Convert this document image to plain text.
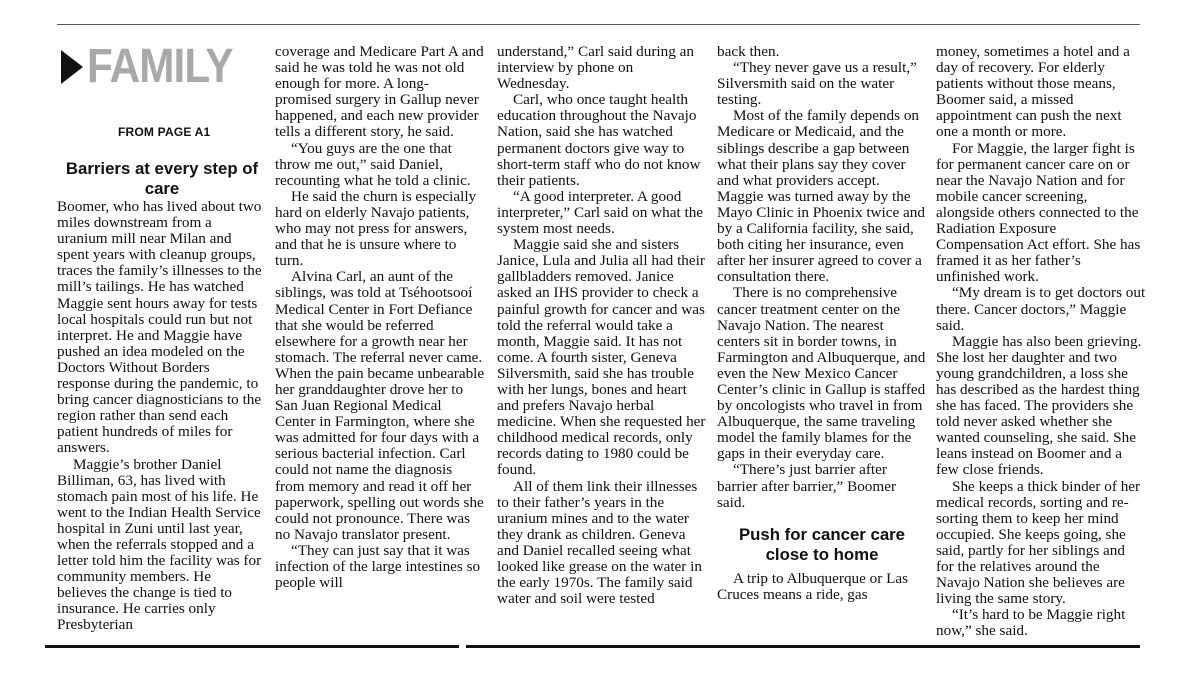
FAMILY
FROM PAGE A1
Barriers at every step of care

Boomer, who has lived about two miles downstream from a uranium mill near Milan and spent years with cleanup groups, traces the family’s illnesses to the mill’s tailings. He has watched Maggie sent hours away for tests local hospitals could run but not interpret. He and Maggie have pushed an idea modeled on the Doctors Without Borders response during the pandemic, to bring cancer diagnosticians to the region rather than send each patient hundreds of miles for answers.

Maggie’s brother Daniel Billiman, 63, has lived with stomach pain most of his life. He went to the Indian Health Service hospital in Zuni until last year, when the referrals stopped and a letter told him the facility was for community members. He believes the change is tied to insurance. He carries only Presbyterian

coverage and Medicare Part A and said he was told he was not old enough for more. A long-promised surgery in Gallup never happened, and each new provider tells a different story, he said.

“You guys are the one that throw me out,” said Daniel, recounting what he told a clinic.

He said the churn is especially hard on elderly Navajo patients, who may not press for answers, and that he is unsure where to turn.

Alvina Carl, an aunt of the siblings, was told at Tséhootsooí Medical Center in Fort Defiance that she would be referred elsewhere for a growth near her stomach. The referral never came. When the pain became unbearable her granddaughter drove her to San Juan Regional Medical Center in Farmington, where she was admitted for four days with a serious bacterial infection. Carl could not name the diagnosis from memory and read it off her paperwork, spelling out words she could not pronounce. There was no Navajo translator present.

“They can just say that it was infection of the large intestines so people will

understand,” Carl said during an interview by phone on Wednesday.

Carl, who once taught health education throughout the Navajo Nation, said she has watched permanent doctors give way to short-term staff who do not know their patients.

“A good interpreter. A good interpreter,” Carl said on what the system most needs.

Maggie said she and sisters Janice, Lula and Julia all had their gallbladders removed. Janice asked an IHS provider to check a painful growth for cancer and was told the referral would take a month, Maggie said. It has not come. A fourth sister, Geneva Silversmith, said she has trouble with her lungs, bones and heart and prefers Navajo herbal medicine. When she requested her childhood medical records, only records dating to 1980 could be found.

All of them link their illnesses to their father’s years in the uranium mines and to the water they drank as children. Geneva and Daniel recalled seeing what looked like grease on the water in the early 1970s. The family said water and soil were tested

back then.

“They never gave us a result,” Silversmith said on the water testing.

Most of the family depends on Medicare or Medicaid, and the siblings describe a gap between what their plans say they cover and what providers accept. Maggie was turned away by the Mayo Clinic in Phoenix twice and by a California facility, she said, both citing her insurance, even after her insurer agreed to cover a consultation there.

There is no comprehensive cancer treatment center on the Navajo Nation. The nearest centers sit in border towns, in Farmington and Albuquerque, and even the New Mexico Cancer Center’s clinic in Gallup is staffed by oncologists who travel in from Albuquerque, the same traveling model the family blames for the gaps in their everyday care.

“There’s just barrier after barrier after barrier,” Boomer said.

Push for cancer care close to home

A trip to Albuquerque or Las Cruces means a ride, gas

money, sometimes a hotel and a day of recovery. For elderly patients without those means, Boomer said, a missed appointment can push the next one a month or more.

For Maggie, the larger fight is for permanent cancer care on or near the Navajo Nation and for mobile cancer screening, alongside others connected to the Radiation Exposure Compensation Act effort. She has framed it as her father’s unfinished work.

“My dream is to get doctors out there. Cancer doctors,” Maggie said.

Maggie has also been grieving. She lost her daughter and two young grandchildren, a loss she has described as the hardest thing she has faced. The providers she told never asked whether she wanted counseling, she said. She leans instead on Boomer and a few close friends.

She keeps a thick binder of her medical records, sorting and re-sorting them to keep her mind occupied. She keeps going, she said, partly for her siblings and for the relatives around the Navajo Nation she believes are living the same story.

“It’s hard to be Maggie right now,” she said.
